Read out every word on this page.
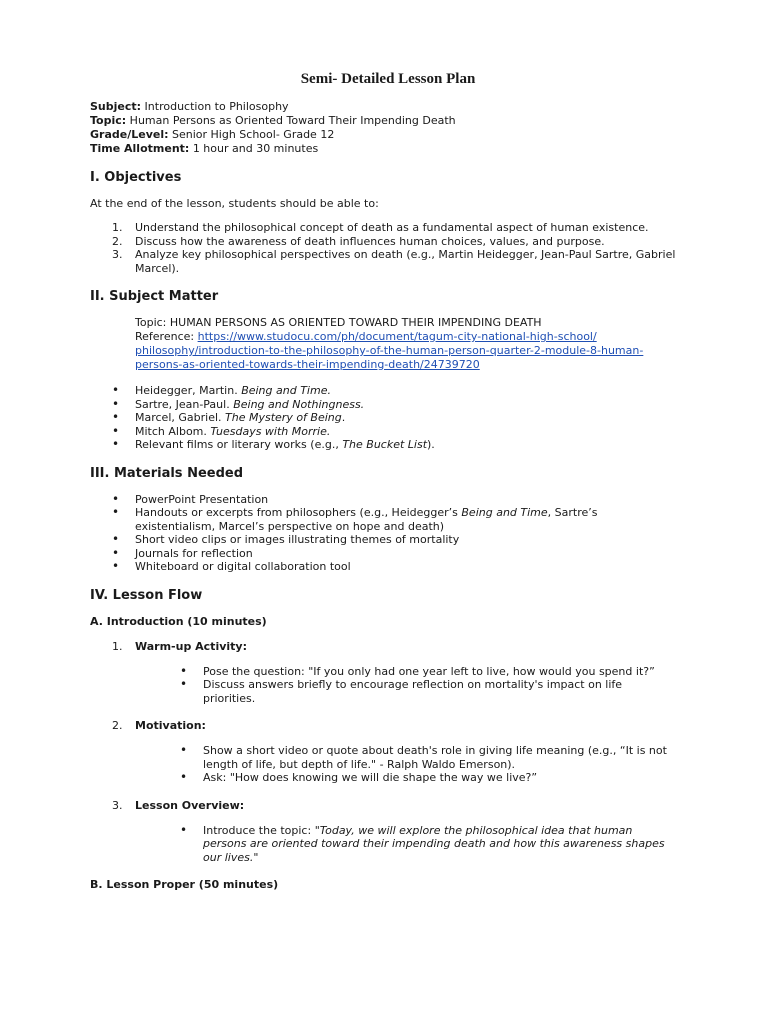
Semi- Detailed Lesson Plan
Subject: Introduction to Philosophy
Topic: Human Persons as Oriented Toward Their Impending Death
Grade/Level: Senior High School- Grade 12
Time Allotment: 1 hour and 30 minutes
I. Objectives

At the end of the lesson, students should be able to:

1. Understand the philosophical concept of death as a fundamental aspect of human existence.
2. Discuss how the awareness of death influences human choices, values, and purpose.
3. Analyze key philosophical perspectives on death (e.g., Martin Heidegger, Jean-Paul Sartre, Gabriel Marcel).
II. Subject Matter
Topic: HUMAN PERSONS AS ORIENTED TOWARD THEIR IMPENDING DEATH
Reference: https://www.studocu.com/ph/document/tagum-city-national-high-school/
philosophy/introduction-to-the-philosophy-of-the-human-person-quarter-2-module-8-human-
persons-as-oriented-towards-their-impending-death/24739720
• Heidegger, Martin. Being and Time.
• Sartre, Jean-Paul. Being and Nothingness.
• Marcel, Gabriel. The Mystery of Being.
• Mitch Albom. Tuesdays with Morrie.
• Relevant films or literary works (e.g., The Bucket List).
III. Materials Needed
• PowerPoint Presentation
• Handouts or excerpts from philosophers (e.g., Heidegger’s Being and Time, Sartre’s existentialism, Marcel’s perspective on hope and death)
• Short video clips or images illustrating themes of mortality
• Journals for reflection
• Whiteboard or digital collaboration tool
IV. Lesson Flow
A. Introduction (10 minutes)
1. Warm-up Activity:
• Pose the question: "If you only had one year left to live, how would you spend it?”
• Discuss answers briefly to encourage reflection on mortality's impact on life priorities.
2. Motivation:
• Show a short video or quote about death's role in giving life meaning (e.g., “It is not length of life, but depth of life." - Ralph Waldo Emerson).
• Ask: "How does knowing we will die shape the way we live?”
3. Lesson Overview:
• Introduce the topic: "Today, we will explore the philosophical idea that human persons are oriented toward their impending death and how this awareness shapes our lives."
B. Lesson Proper (50 minutes)
